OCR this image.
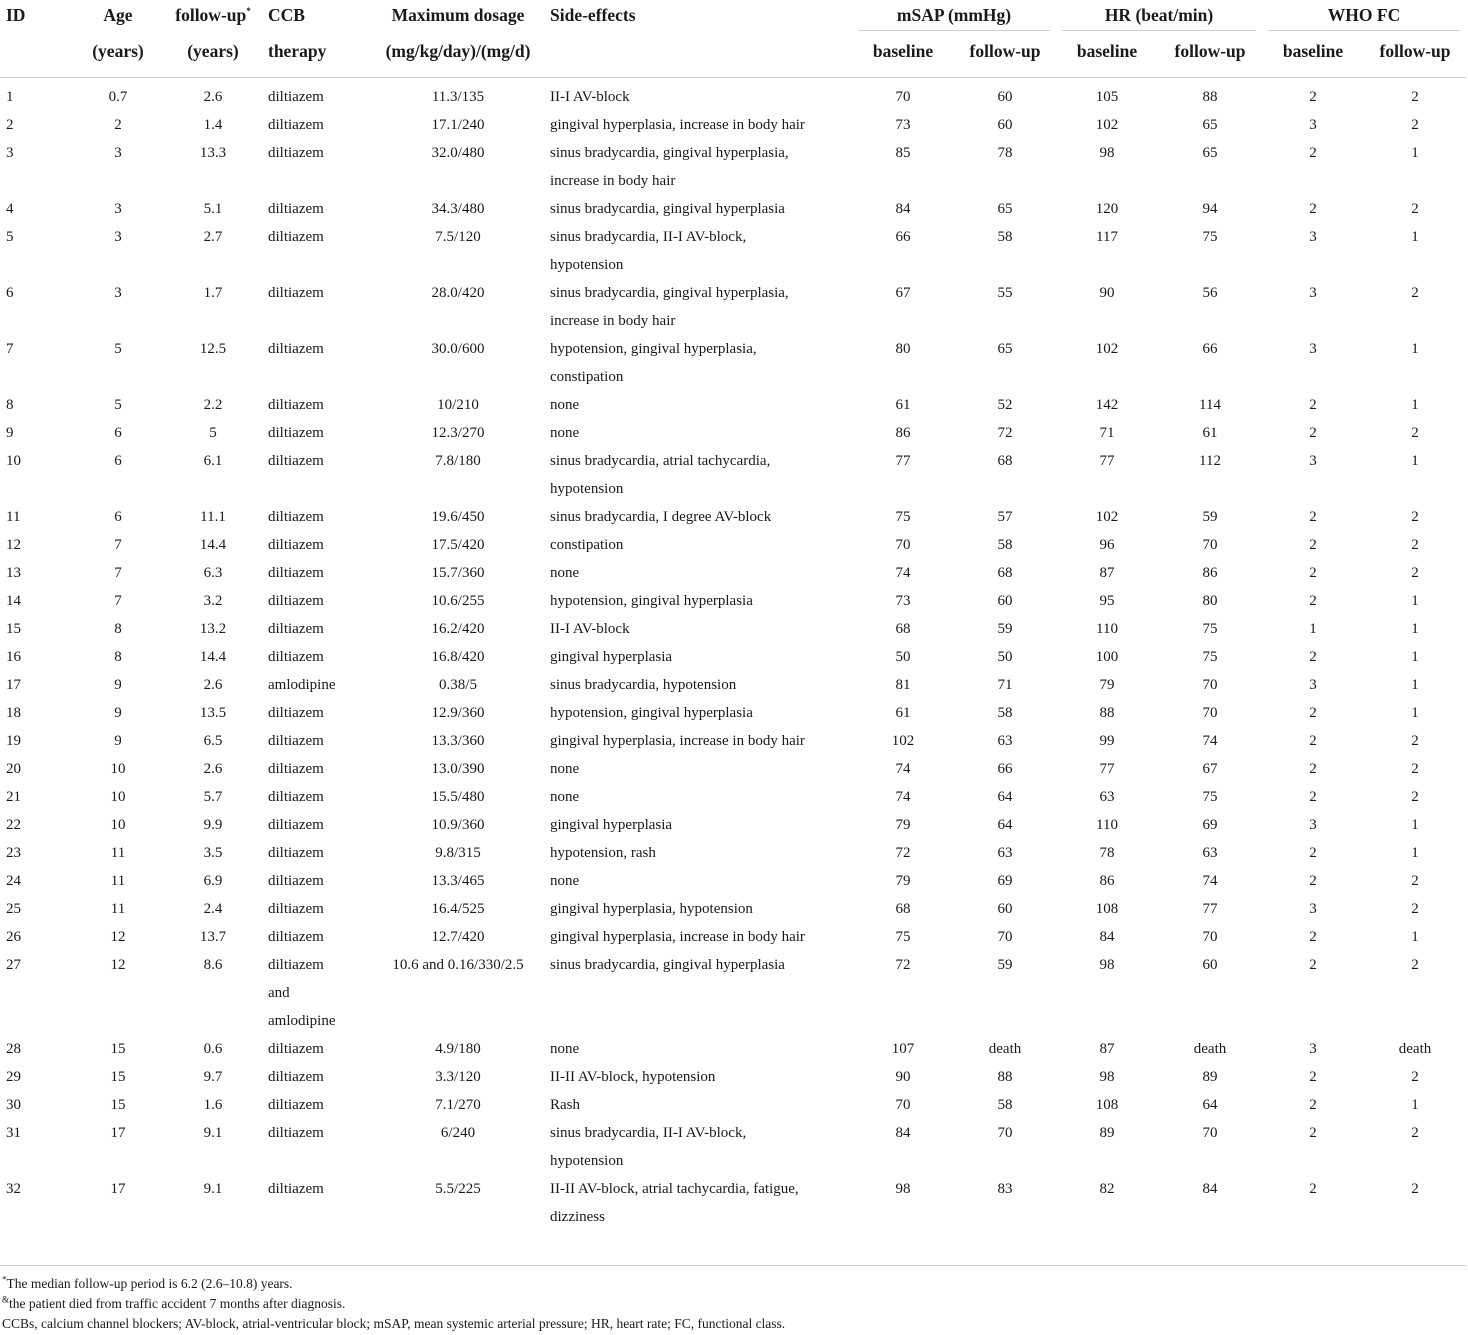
ID	Age	follow-up*	CCB	Maximum dosage	Side-effects	mSAP (mmHg)		HR (beat/min)		WHO FC	

	(years)	(years)	therapy	(mg/kg/day)/(mg/d)		baseline	follow-up	baseline	follow-up	baseline	follow-up
1	0.7	2.6	diltiazem	11.3/135	II-I AV-block	70	60	105	88	2	2
2	2	1.4	diltiazem	17.1/240	gingival hyperplasia, increase in body hair	73	60	102	65	3	2
3	3	13.3	diltiazem	32.0/480	sinus bradycardia, gingival hyperplasia,
increase in body hair	85	78	98	65	2	1
4	3	5.1	diltiazem	34.3/480	sinus bradycardia, gingival hyperplasia	84	65	120	94	2	2
5	3	2.7	diltiazem	7.5/120	sinus bradycardia, II-I AV-block,
hypotension	66	58	117	75	3	1
6	3	1.7	diltiazem	28.0/420	sinus bradycardia, gingival hyperplasia,
increase in body hair	67	55	90	56	3	2
7	5	12.5	diltiazem	30.0/600	hypotension, gingival hyperplasia,
constipation	80	65	102	66	3	1
8	5	2.2	diltiazem	10/210	none	61	52	142	114	2	1
9	6	5	diltiazem	12.3/270	none	86	72	71	61	2	2
10	6	6.1	diltiazem	7.8/180	sinus bradycardia, atrial tachycardia,
hypotension	77	68	77	112	3	1
11	6	11.1	diltiazem	19.6/450	sinus bradycardia, I degree AV-block	75	57	102	59	2	2
12	7	14.4	diltiazem	17.5/420	constipation	70	58	96	70	2	2
13	7	6.3	diltiazem	15.7/360	none	74	68	87	86	2	2
14	7	3.2	diltiazem	10.6/255	hypotension, gingival hyperplasia	73	60	95	80	2	1
15	8	13.2	diltiazem	16.2/420	II-I AV-block	68	59	110	75	1	1
16	8	14.4	diltiazem	16.8/420	gingival hyperplasia	50	50	100	75	2	1
17	9	2.6	amlodipine	0.38/5	sinus bradycardia, hypotension	81	71	79	70	3	1
18	9	13.5	diltiazem	12.9/360	hypotension, gingival hyperplasia	61	58	88	70	2	1
19	9	6.5	diltiazem	13.3/360	gingival hyperplasia, increase in body hair	102	63	99	74	2	2
20	10	2.6	diltiazem	13.0/390	none	74	66	77	67	2	2
21	10	5.7	diltiazem	15.5/480	none	74	64	63	75	2	2
22	10	9.9	diltiazem	10.9/360	gingival hyperplasia	79	64	110	69	3	1
23	11	3.5	diltiazem	9.8/315	hypotension, rash	72	63	78	63	2	1
24	11	6.9	diltiazem	13.3/465	none	79	69	86	74	2	2
25	11	2.4	diltiazem	16.4/525	gingival hyperplasia, hypotension	68	60	108	77	3	2
26	12	13.7	diltiazem	12.7/420	gingival hyperplasia, increase in body hair	75	70	84	70	2	1
27	12	8.6	diltiazem
and
amlodipine	10.6 and 0.16/330/2.5	sinus bradycardia, gingival hyperplasia	72	59	98	60	2	2
28	15	0.6	diltiazem	4.9/180	none	107	death	87	death	3	death
29	15	9.7	diltiazem	3.3/120	II-II AV-block, hypotension	90	88	98	89	2	2
30	15	1.6	diltiazem	7.1/270	Rash	70	58	108	64	2	1
31	17	9.1	diltiazem	6/240	sinus bradycardia, II-I AV-block,
hypotension	84	70	89	70	2	2
32	17	9.1	diltiazem	5.5/225	II-II AV-block, atrial tachycardia, fatigue,
dizziness	98	83	82	84	2	2
*The median follow-up period is 6.2 (2.6–10.8) years.
&the patient died from traffic accident 7 months after diagnosis.
CCBs, calcium channel blockers; AV-block, atrial-ventricular block; mSAP, mean systemic arterial pressure; HR, heart rate; FC, functional class.
